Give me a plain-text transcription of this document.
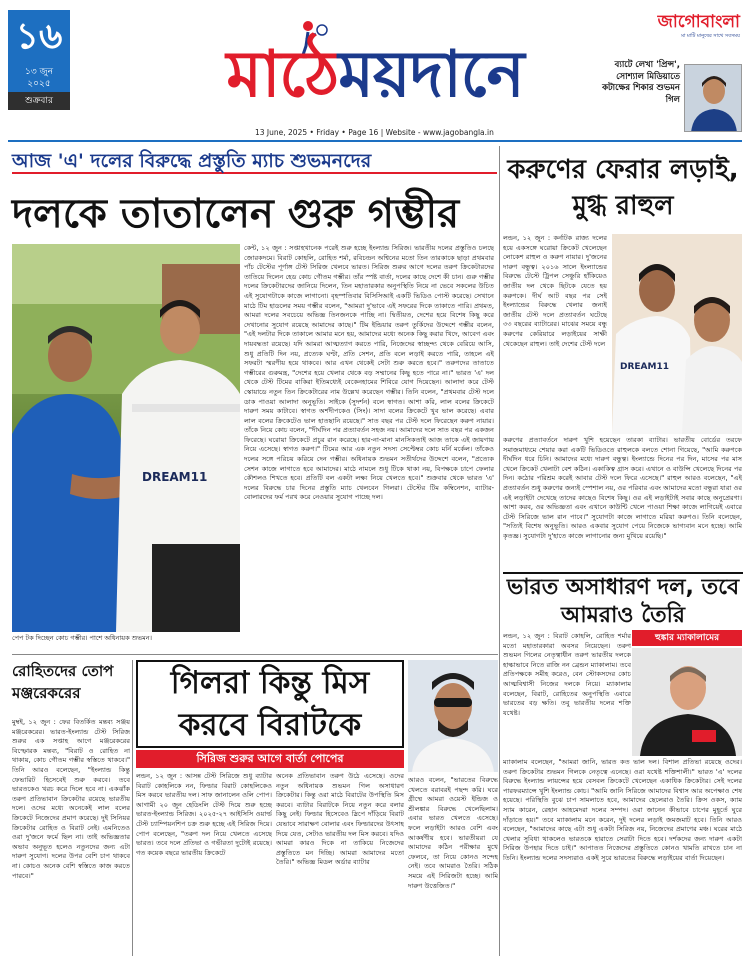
১৬
১৩ জুন
২০২৫
শুক্রবার	মাঠেময়দানে
13 June, 2025 • Friday • Page 16 | Website - www.jagobangla.in
জাগোবাংলা
মা মাটি মানুষের সাথে সবসময়
ব্যাটে লেখা 'প্রিন্স', সোশ্যাল মিডিয়াতে কটাক্ষের শিকার শুভমন গিল
আজ 'এ' দলের বিরুদ্ধে প্রস্তুতি ম্যাচ শুভমনদের
দলকে তাতালেন গুরু গম্ভীর
DREAM11
পেপ টক দিচ্ছেন কোচ গম্ভীর। পাশে অধিনায়ক শুভমন।
কেন্ট, ১২ জুন : সপ্তাহখানেক পরেই শুরু হচ্ছে ইংল্যান্ড সিরিজ। ভারতীয় দলের প্রস্তুতিও চলছে জোরকদমে। বিরাট কোহলি, রোহিত শর্মা, রবিচন্দ্রন অশ্বিনের মতো তিন তারকাকে ছাড়া প্রথমবার পাঁচ টেস্টের পূর্ণাঙ্গ টেস্ট সিরিজ খেলবে ভারত। সিরিজ শুরুর আগে দলের তরুণ ক্রিকেটারদের তাতিয়ে দিলেন হেড কোচ গৌতম গম্ভীর। তাঁর স্পষ্ট বার্তা, দলের কাছে দেশে কী চান। গুরু গম্ভীর দলের ক্রিকেটারদের জানিয়ে দিলেন, তিন মহাতারকার অনুপস্থিতি নিয়ে না ভেবে সকলের উচিত এই সুযোগটাকে কাজে লাগানো। বৃহস্পতিবার বিসিসিআই একটি ভিডিও পোস্ট করেছে। সেখানে মাঠে টিম হাডলের সময় গম্ভীর বলেন, "আমরা দু'ভাবে এই সফরের দিকে তাকাতে পারি। প্রথমত, আমরা দলের সবচেয়ে অভিজ্ঞ তিনজনকে পাচ্ছি না। দ্বিতীয়ত, দেশের হয়ে বিশেষ কিছু করে দেখানোর সুযোগ রয়েছে আমাদের কাছে।" টিম ইন্ডিয়ার তরুণ তুর্কিদের উদ্দেশে গম্ভীর বলেন, "এই দলটার দিকে তাকালে আমার মনে হয়, আমাদের মধ্যে অনেক কিছু করার খিদে, আবেগ এবং দায়বদ্ধতা রয়েছে। যদি আমরা আত্মত্যাগ করতে পারি, নিজেদের স্বাচ্ছন্দ্য থেকে বেরিয়ে আসি, শুধু প্রতিটি দিন নয়, প্রত্যেক ঘণ্টা, প্রতি সেশন, প্রতি বলে লড়াই করতে পারি, তাহলে এই সফরটা স্মরণীয় হয়ে থাকবে। আর এখন থেকেই সেটা শুরু করতে হবে।" তরুণদের তাতাতে গম্ভীরের গুরুমন্ত্র, "দেশের হয়ে খেলার থেকে বড় সম্মানের কিছু হতে পারে না।" ভারত 'এ' দল থেকে টেস্ট টিমের বাকিরা ইতিমধ্যেই বেকেনহামের শিবিরে যোগ দিয়েছেন। আলাদা করে টেস্ট স্কোয়াডে নতুন তিন ক্রিকেটারের নাম উল্লেখ করেছেন গম্ভীর। তিনি বলেন, "প্রথমবার টেস্ট দলে ডাক পাওয়া আলাদা অনুভূতি। সাইকে (সুদর্শন) বলে স্বাগত। আশা করি, লাল বলের ক্রিকেটে দারুণ সময় কাটাবে। স্বাগত অর্শদীপকেও (সিং)। সাদা বলের ক্রিকেটে খুব ভাল করেছে। এবার লাল বলের ক্রিকেটেও ভাল হাতছানি রয়েছে।" সাত বছর পর টেস্ট দলে ফিরেছেন করুণ নায়ার। তাঁকে নিয়ে কোচ বলেন, "দীর্ঘদিন পর প্রত্যাবর্তন সহজ নয়। আমাদের দলে সাত বছর পর একজন ফিরেছে। ঘরোয়া ক্রিকেটে প্রচুর রান করেছে। হার-না-মানা মানসিকতাই আজ তাকে এই জায়গায় নিয়ে এসেছে। স্বাগত করুণ।" টিমের আর এক নতুন সদস্য সেপ্টেম্বর কোচ মর্নি মর্কেল। তাঁকেও দলের সঙ্গে পরিচয় করিয়ে দেন গম্ভীর। অধিনায়ক শুভমন সতীর্থদের উদ্দেশে বলেন, "প্রত্যেক সেশন কাজে লাগাতে হবে আমাদের। মাঠে নামলে শুধু টিকে থাকা নয়, বিপক্ষকে চাপে ফেলার কৌশলও শিখতে হবে। প্রতিটি বল একটা লক্ষ্য নিয়ে খেলতে হবে।" শুক্রবার থেকে ভারত 'এ' দলের বিরুদ্ধে চার দিনের প্রস্তুতি ম্যাচ খেলবেন গিলরা। টেস্টের টিম কম্বিনেশন, ব্যাটার-বোলারদের ফর্ম পরখ করে নেওয়ার সুযোগ পাচ্ছে দল।
করুণের ফেরার লড়াই, মুগ্ধ রাহুল
লন্ডন, ১২ জুন : কর্নাটক রাজ্য দলের হয়ে একসঙ্গে ঘরোয়া ক্রিকেট খেলেছেন লোকেশ রাহুল ও করুণ নায়ার। দু'জনের দারুণ বন্ধুত্ব। ২০১৬ সালে ইংল্যান্ডের বিরুদ্ধে টেস্টে ট্রিপল সেঞ্চুরি হাঁকিয়েও জাতীয় দল থেকে ছিটকে যেতে হয় করুণকে। দীর্ঘ আট বছর পর সেই ইংল্যান্ডের বিরুদ্ধে খেলার জন্যই জাতীয় টেস্ট দলে প্রত্যাবর্তন ঘটেছে ৩৩ বছরের ব্যাটারের। মাঝের সময়ে বন্ধু করুণের কেরিয়ারে লড়াইয়ের সাক্ষী থেকেছেন রাহুল। তাই দেশের টেস্ট দলে
DREAM11
করুণের প্রত্যাবর্তনে দারুণ খুশি হয়েছেন তারকা ব্যাটার। ভারতীয় বোর্ডের তরফে সমাজমাধ্যমে শেয়ার করা একটি ভিডিওতে রাহুলকে বলতে শোনা গিয়েছে, "আমি করুণকে দীর্ঘদিন ধরে চিনি। আমাদের মধ্যে দারুণ বন্ধুত্ব। ইংল্যান্ডে দিনের পর দিন, মাসের পর মাস খেলে ক্রিকেট খেলাটা বেশ কঠিন। একাকিত্ব গ্রাস করে। এখানে ও বাউন্সি খেলেছে দিনের পর দিন। কঠোর পরিশ্রম করেই আবার টেস্ট দলে ফিরে এসেছে।" রাহুল আরও বলেছেন, "এই প্রত্যাবর্তন শুধু করুণের জন্যই স্পেশাল নয়, ওর পরিবার এবং আমাদের মতো বন্ধুরা যারা ওর এই লড়াইটা দেখেছে তাদের কাছেও বিশেষ কিছু। ওর এই লড়াইটাই সবার কাছে অনুপ্রেরণা। আশা করব, ওর অভিজ্ঞতা এবং এখানে কাউন্টি খেলে পাওয়া শিক্ষা কাজে লাগিয়েই এবারে টেস্ট সিরিজে ভাল রান পাবে।" সুযোগটা কাজে লাগাতে মরিয়া করুণও। তিনি বলেছেন, "সত্যিই বিশেষ অনুভূতি। আরও একবার সুযোগ পেয়ে নিজেকে ভাগ্যবান মনে হচ্ছে। আমি কৃতজ্ঞ। সুযোগটা দু'হাতে কাজে লাগানোর জন্য মুখিয়ে রয়েছি।"
ভারত অসাধারণ দল, তবে আমরাও তৈরি
লন্ডন, ১২ জুন : বিরাট কোহলি, রোহিত শর্মার মতো মহাতারকারা অবসর নিয়েছেন। তরুণ শুভমন গিলের নেতৃত্বাধীন তরুণ ভারতীয় দলকে হাল্কাভাবে নিতে রাজি নন ব্রেন্ডন ম্যাকালাম। তবে প্রতিপক্ষকে সমীহ করেও, বেন স্টোকসদের কোচ আত্মবিশ্বাসী নিজের দলকে নিয়ে। ম্যাকালাম বলেছেন, বিরাট, রোহিতের অনুপস্থিতি এবারে ভারতের বড় ক্ষতি। তবু ভারতীয় দলের শক্তি যথেষ্ট।
হুঙ্কার ম্যাকালামের
ম্যাকালাম বলেছেন, "আমরা জানি, ভারত কত ভাল দল। বিশাল প্রতিভা রয়েছে ওদের। তরুণ ক্রিকেটার শুভমন গিলকে নেতৃত্বে এনেছে। ওরা যথেষ্ট শক্তিশালী।" ভারত 'এ' দলের বিরুদ্ধে ইংল্যান্ড লায়ন্সের হয়ে বেসবল ক্রিকেটে খেলেছেন একাধিক ক্রিকেটার। সেই দলের পারফরম্যান্সে খুশি ইংল্যান্ড কোচ। "আমি জানি সিরিজে আমাদের বিশ্বাস আর অপেক্ষাও শেষ হয়েছে। পরিস্থিতি বুঝে চাপ সামলাতে হবে, আমাদের ছেলেরাও তৈরি। ক্রিস ওকস, ক্যাম স্যাম কারেন, রেহান আহমেদরা দলের সম্পদ। ওরা জানেন কীভাবে চাপের মুহূর্তে ঘুরে দাঁড়াতে হয়।" তবে ম্যাকালাম মনে করেন, দুই দলের লড়াই জমজমাট হবে। তিনি আরও বলেছেন, "আমাদের কাছে এটা শুধু একটা সিরিজ নয়, নিজেদের প্রমাণের মঞ্চ। ঘরের মাঠে খেলার সুবিধা থাকলেও ভারতকে হারাতে সেরাটা দিতে হবে। দর্শকদের জন্য দারুণ একটা সিরিজ উপহার দিতে চাই।" আপাতত নিজেদের প্রস্তুতিতে কোনও খামতি রাখতে চান না তিনি। ইংল্যান্ড দলের সদস্যরাও একই সুরে ভারতের বিরুদ্ধে লড়াইয়ের বার্তা দিয়েছেন।
রোহিতদের তোপ মঞ্জরেকরের
মুম্বই, ১২ জুন : ফের বিতর্কিত মন্তব্য সঞ্জয় মঞ্জরেকরের। ভারত-ইংল্যান্ড টেস্ট সিরিজ শুরুর এক সপ্তাহ আগে মঞ্জরেকরের বিস্ফোরক মন্তব্য, "বিরাট ও রোহিত না থাকায়, কোচ গৌতম গম্ভীর স্বস্তিতে থাকবে।" তিনি আরও বলেছেন, "ইংল্যান্ড কিন্তু ফেভারিট হিসেবেই শুরু করবে। তবে ভারতকেও খরচ করে দিলে হবে না। একঝাঁক তরুণ প্রতিভাবান ক্রিকেটার রয়েছে ভারতীয় দলে। ওদের মধ্যে অনেকেই লাল বলের ক্রিকেটে নিজেদের প্রমাণ করেছে। দুই সিনিয়র ক্রিকেটার রোহিত ও বিরাট নেই। এমনিতেও ওরা দু'জনে ফর্মে ছিল না। তাই অভিজ্ঞতার অভাব অনুভূত হলেও নতুনদের জন্য এটা দারুণ সুযোগ। দলের উপর বেশি চাপ থাকবে না। কোচও অনেক বেশি স্বস্তিতে কাজ করতে পারবে।"
গিলরা কিন্তু মিস করবে বিরাটকে
সিরিজ শুরুর আগে বার্তা পোপের
লন্ডন, ১২ জুন : আসন্ন টেস্ট সিরিজে শুধু ব্যাটার বিরাট কোহলিকে নন, ফিল্ডার বিরাট কোহলিকেও মিস করবে ভারতীয় দল। সাফ জানালেন ওলি পোপ। আগামী ২০ জুন হেডিংলি টেস্ট দিয়ে শুরু হচ্ছে ভারত-ইংল্যান্ড সিরিজ। ২০২৫-২৭ আইসিসি ওয়ার্ল্ড টেস্ট চ্যাম্পিয়নশিপ চক্র শুরু হচ্ছে এই সিরিজ দিয়ে। পোপ বলেছেন, "তরুণ দল নিয়ে খেলতে এসেছে ভারত। তবে দলে প্রতিভা ও গভীরতা দুটোই রয়েছে। গত কয়েক বছরে ভারতীয় ক্রিকেটে
অনেক প্রতিভাবান তরুণ উঠে এসেছে। ওদের নতুন অধিনায়ক শুভমন গিল অসাধারণ ক্রিকেটার। কিন্তু ওরা মাঠে বিরাটের উপস্থিতি মিস করবে। ব্যাটার বিরাটকে নিয়ে নতুন করে বলার কিছু নেই। ফিল্ডার হিসেবেও স্লিপে দাঁড়িয়ে বিরাট যেভাবে সারাক্ষণ বোলার এবং ফিল্ডারদের উৎসাহ দিয়ে যেত, সেটাও ভারতীয় দল মিস করবে। যদিও আমরা কারও দিকে না তাকিয়ে নিজেদের প্রস্তুতিতে মন দিচ্ছি। আমরা আমাদের মতো তৈরি।" অভিজ্ঞ মিডল অর্ডার ব্যাটার
আরও বলেন, "ভারতের বিরুদ্ধে খেলতে বরাবরই পছন্দ করি। ঘরে গ্রীষ্মে আমরা ওয়েস্ট ইন্ডিজ ও শ্রীলঙ্কার বিরুদ্ধে খেলেছিলাম। এবার ভারত খেলতে এসেছে। ফলে লড়াইটা আরও বেশি এবং আকর্ষণীয় হবে। ভারতীয়রা যে আমাদের কঠিন পরীক্ষার মুখে ফেলবে, তা নিয়ে কোনও সন্দেহ নেই। তবে আমরাও তৈরি। সঠিক সময়ে এই সিরিজটা হচ্ছে। আমি দারুণ উত্তেজিত।"
